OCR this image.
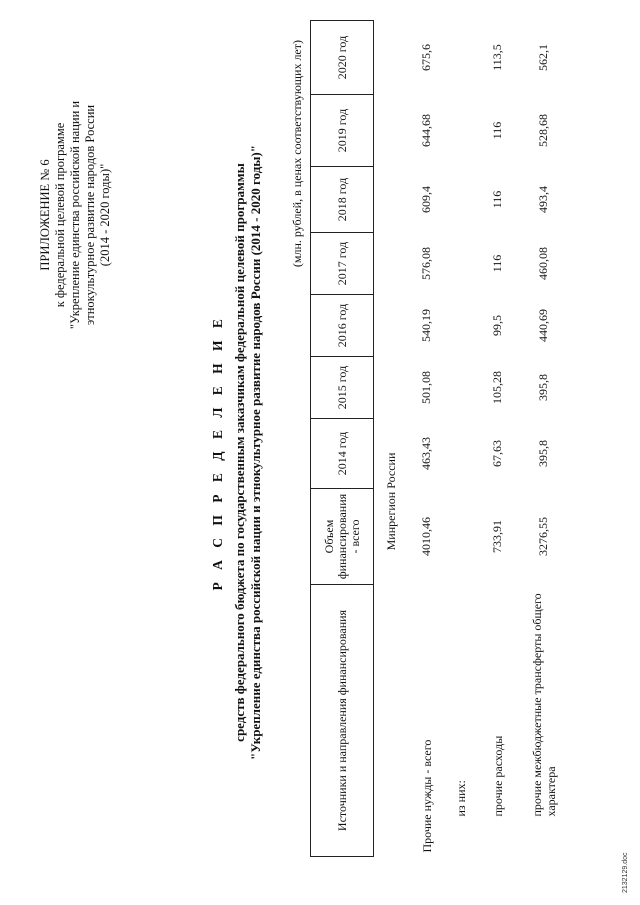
ПРИЛОЖЕНИЕ № 6 к федеральной целевой программе "Укрепление единства российской нации и этнокультурное развитие народов России (2014 - 2020 годы)"
Р А С П Р Е Д Е Л Е Н И Е средств федерального бюджета по государственным заказчикам федеральной целевой программы "Укрепление единства российской нации и этнокультурное развитие народов России (2014 - 2020 годы)" (млн. рублей, в ценах соответствующих лет)
Источники и направления финансирования	Объем финансирования - всего	2014 год	2015 год	2016 год	2017 год	2018 год	2019 год	2020 год
	Минрегион России							
Прочие нужды - всего	4010,46	463,43	501,08	540,19	576,08	609,4	644,68	675,6
из них:								
прочие расходы	733,91	67,63	105,28	99,5	116	116	116	113,5
прочие межбюджетные трансферты общего характера	3276,55	395,8	395,8	440,69	460,08	493,4	528,68	562,1
2132129.doc
